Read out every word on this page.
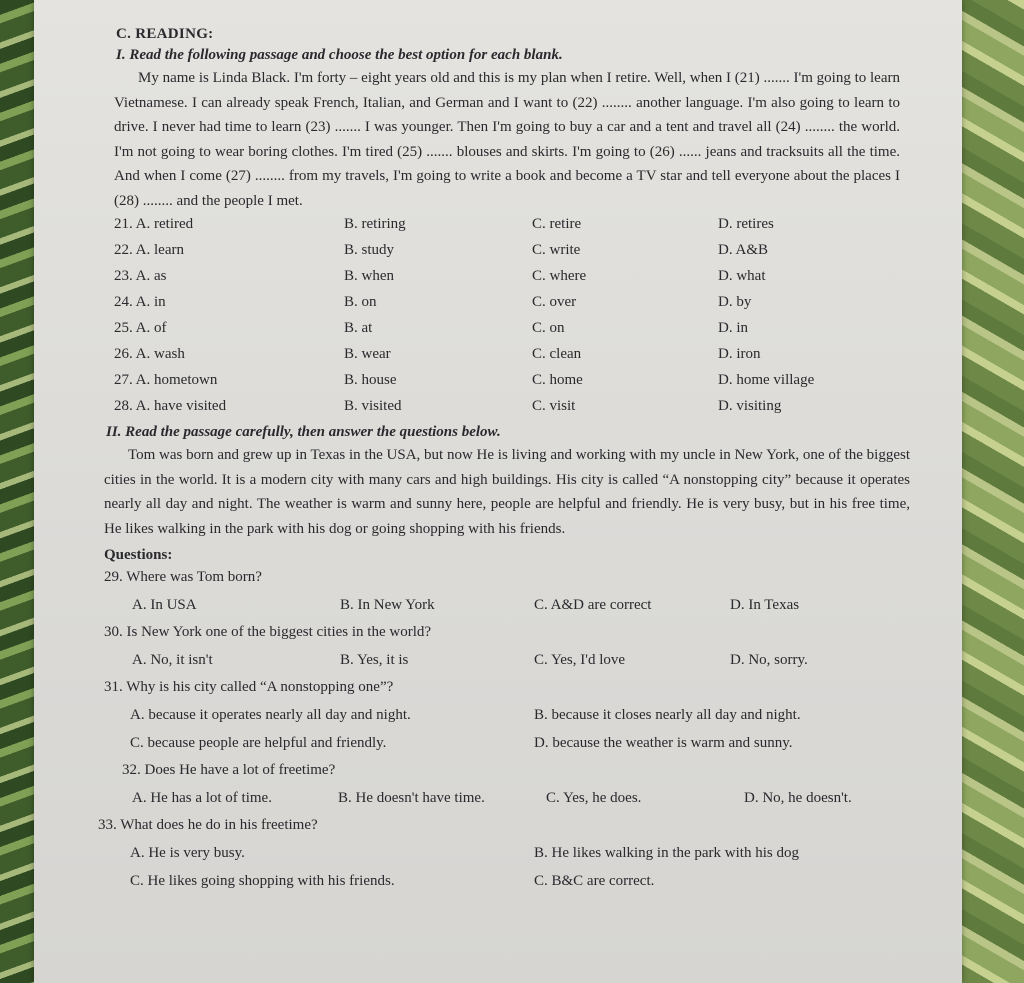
C. READING:
I. Read the following passage and choose the best option for each blank.

My name is Linda Black. I'm forty – eight years old and this is my plan when I retire. Well, when I (21) ....... I'm going to learn Vietnamese. I can already speak French, Italian, and German and I want to (22) ........ another language. I'm also going to learn to drive. I never had time to learn (23) ....... I was younger. Then I'm going to buy a car and a tent and travel all (24) ........ the world. I'm not going to wear boring clothes. I'm tired (25) ....... blouses and skirts. I'm going to (26) ...... jeans and tracksuits all the time. And when I come (27) ........ from my travels, I'm going to write a book and become a TV star and tell everyone about the places I (28) ........ and the people I met.

21. A. retired	B. retiring	C. retire	D. retires
22. A. learn	B. study	C. write	D. A&B
23. A. as	B. when	C. where	D. what
24. A. in	B. on	C. over	D. by
25. A. of	B. at	C. on	D. in
26. A. wash	B. wear	C. clean	D. iron
27. A. hometown	B. house	C. home	D. home village
28. A. have visited	B. visited	C. visit	D. visiting
II. Read the passage carefully, then answer the questions below.

Tom was born and grew up in Texas in the USA, but now He is living and working with my uncle in New York, one of the biggest cities in the world. It is a modern city with many cars and high buildings. His city is called “A nonstopping city” because it operates nearly all day and night. The weather is warm and sunny here, people are helpful and friendly. He is very busy, but in his free time, He likes walking in the park with his dog or going shopping with his friends.

Questions:
29. Where was Tom born?
A. In USA	B. In New York	C. A&D are correct	D. In Texas
30. Is New York one of the biggest cities in the world?
A. No, it isn't	B. Yes, it is	C. Yes, I'd love	D. No, sorry.
31. Why is his city called “A nonstopping one”?
A. because it operates nearly all day and night.	B. because it closes nearly all day and night.
C. because people are helpful and friendly.	D. because the weather is warm and sunny.
32. Does He have a lot of freetime?
A. He has a lot of time.	B. He doesn't have time.	C. Yes, he does.	D. No, he doesn't.
33. What does he do in his freetime?
A. He is very busy.	B. He likes walking in the park with his dog
C. He likes going shopping with his friends.	C. B&C are correct.
